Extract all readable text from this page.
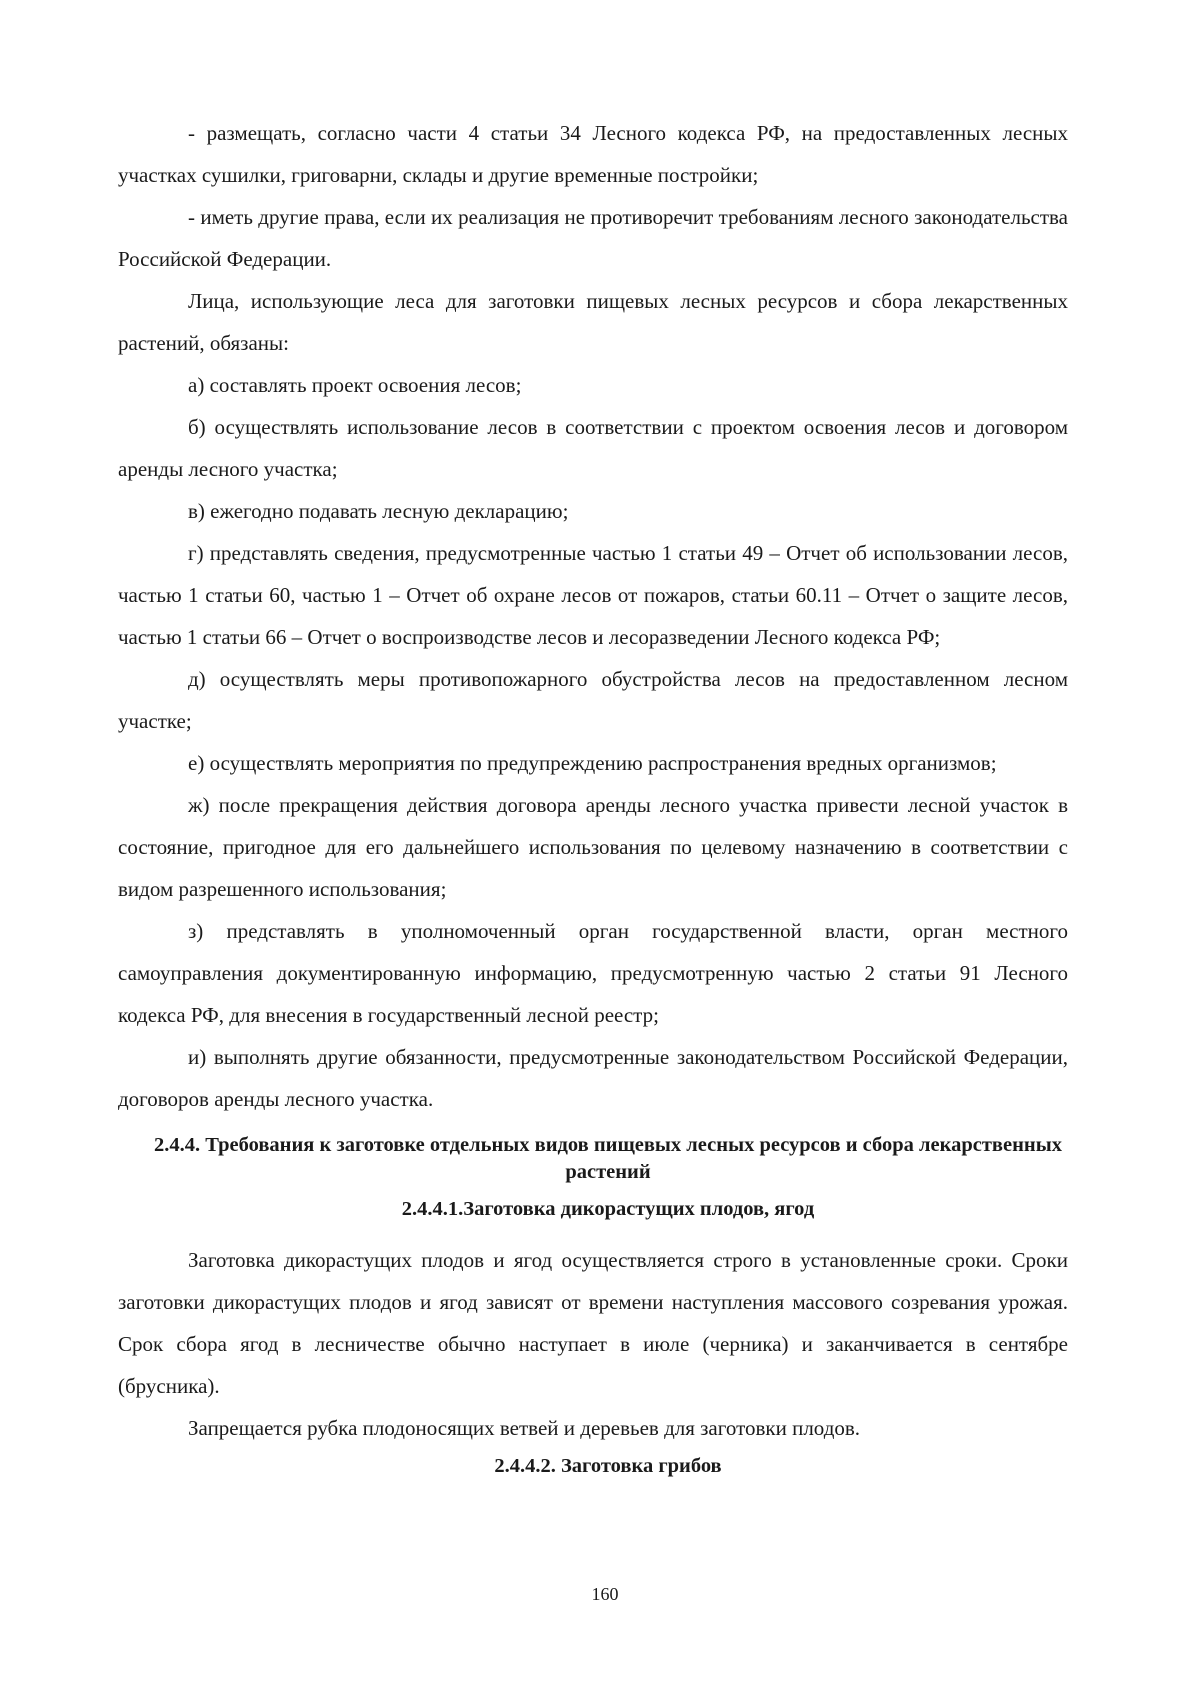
- размещать, согласно части 4 статьи 34 Лесного кодекса РФ, на предоставленных лесных участках сушилки, григоварни, склады и другие временные постройки;

- иметь другие права, если их реализация не противоречит требованиям лесного законодательства Российской Федерации.

Лица, использующие леса для заготовки пищевых лесных ресурсов и сбора лекарственных растений, обязаны:

а) составлять проект освоения лесов;

б) осуществлять использование лесов в соответствии с проектом освоения лесов и договором аренды лесного участка;

в) ежегодно подавать лесную декларацию;

г) представлять сведения, предусмотренные частью 1 статьи 49 – Отчет об использовании лесов, частью 1 статьи 60, частью 1 – Отчет об охране лесов от пожаров, статьи 60.11 – Отчет о защите лесов, частью 1 статьи 66 – Отчет о воспроизводстве лесов и лесоразведении Лесного кодекса РФ;

д) осуществлять меры противопожарного обустройства лесов на предоставленном лесном участке;

е) осуществлять мероприятия по предупреждению распространения вредных организмов;

ж) после прекращения действия договора аренды лесного участка привести лесной участок в состояние, пригодное для его дальнейшего использования по целевому назначению в соответствии с видом разрешенного использования;

з) представлять в уполномоченный орган государственной власти, орган местного самоуправления документированную информацию, предусмотренную частью 2 статьи 91 Лесного кодекса РФ, для внесения в государственный лесной реестр;

и) выполнять другие обязанности, предусмотренные законодательством Российской Федерации, договоров аренды лесного участка.

2.4.4. Требования к заготовке отдельных видов пищевых лесных ресурсов и сбора лекарственных растений
2.4.4.1.Заготовка дикорастущих плодов, ягод

Заготовка дикорастущих плодов и ягод осуществляется строго в установленные сроки. Сроки заготовки дикорастущих плодов и ягод зависят от времени наступления массового созревания урожая. Срок сбора ягод в лесничестве обычно наступает в июле (черника) и заканчивается в сентябре (брусника).

Запрещается рубка плодоносящих ветвей и деревьев для заготовки плодов.

2.4.4.2. Заготовка грибов
160
